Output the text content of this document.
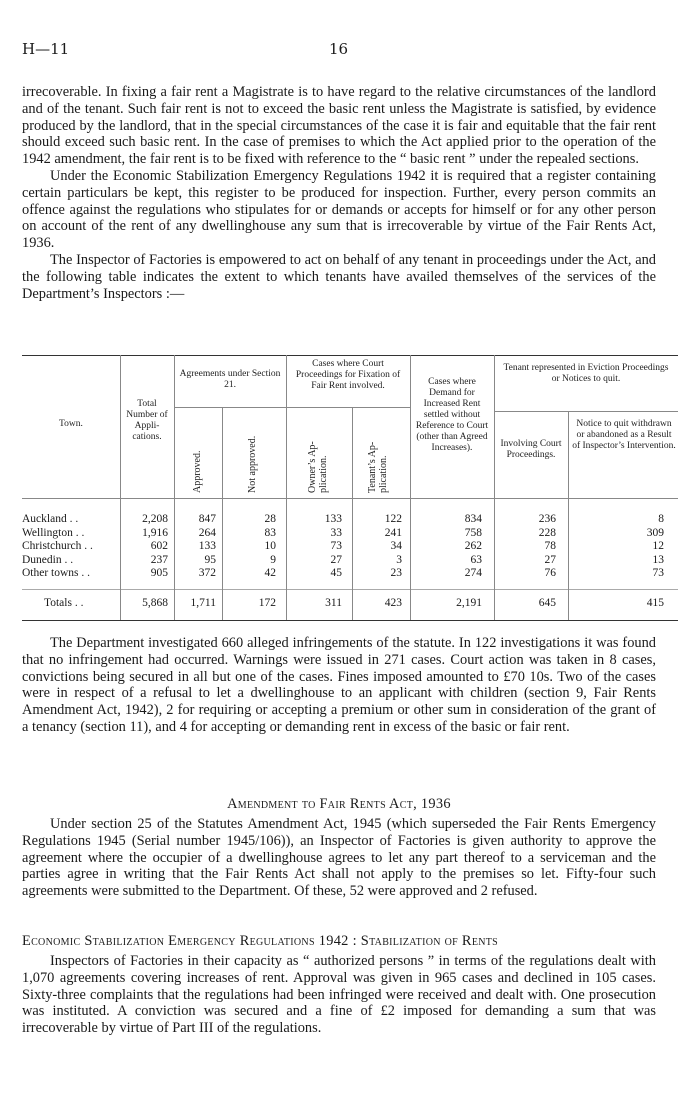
H—11	16

irrecoverable. In fixing a fair rent a Magistrate is to have regard to the relative circumstances of the landlord and of the tenant. Such fair rent is not to exceed the basic rent unless the Magistrate is satisfied, by evidence produced by the landlord, that in the special circumstances of the case it is fair and equitable that the fair rent should exceed such basic rent. In the case of premises to which the Act applied prior to the operation of the 1942 amendment, the fair rent is to be fixed with reference to the “ basic rent ” under the repealed sections.

Under the Economic Stabilization Emergency Regulations 1942 it is required that a register containing certain particulars be kept, this register to be produced for inspection. Further, every person commits an offence against the regulations who stipulates for or demands or accepts for himself or for any other person on account of the rent of any dwellinghouse any sum that is irrecoverable by virtue of the Fair Rents Act, 1936.

The Inspector of Factories is empowered to act on behalf of any tenant in proceedings under the Act, and the following table indicates the extent to which tenants have availed themselves of the services of the Department’s Inspectors :—

Town.
Total Number of Appli- cations.
Agreements under Section 21.
Approved.	Not approved.
Cases where Court Proceedings for Fixation of Fair Rent involved.
Owner’s Ap- plication.	Tenant’s Ap- plication.
Cases where Demand for Increased Rent settled without Reference to Court (other than Agreed Increases).
Tenant represented in Eviction Proceedings or Notices to quit.
Involving Court Proceedings.
Notice to quit withdrawn or abandoned as a Result of Inspector’s Intervention.
Auckland . .	2,208	847	28	133	122	834	236	8
Wellington . .	1,916	264	83	33	241	758	228	309
Christchurch . .	602	133	10	73	34	262	78	12
Dunedin . .	237	95	9	27	3	63	27	13
Other towns . .	905	372	42	45	23	274	76	73
Totals . .	5,868	1,711	172	311	423	2,191	645	415

The Department investigated 660 alleged infringements of the statute. In 122 investigations it was found that no infringement had occurred. Warnings were issued in 271 cases. Court action was taken in 8 cases, convictions being secured in all but one of the cases. Fines imposed amounted to £70 10s. Two of the cases were in respect of a refusal to let a dwellinghouse to an applicant with children (section 9, Fair Rents Amendment Act, 1942), 2 for requiring or accepting a premium or other sum in consideration of the grant of a tenancy (section 11), and 4 for accepting or demanding rent in excess of the basic or fair rent.

Amendment to Fair Rents Act, 1936

Under section 25 of the Statutes Amendment Act, 1945 (which superseded the Fair Rents Emergency Regulations 1945 (Serial number 1945/106)), an Inspector of Factories is given authority to approve the agreement where the occupier of a dwellinghouse agrees to let any part thereof to a serviceman and the parties agree in writing that the Fair Rents Act shall not apply to the premises so let. Fifty-four such agreements were submitted to the Department. Of these, 52 were approved and 2 refused.

Economic Stabilization Emergency Regulations 1942 : Stabilization of Rents

Inspectors of Factories in their capacity as “ authorized persons ” in terms of the regulations dealt with 1,070 agreements covering increases of rent. Approval was given in 965 cases and declined in 105 cases. Sixty-three complaints that the regulations had been infringed were received and dealt with. One prosecution was instituted. A conviction was secured and a fine of £2 imposed for demanding a sum that was irrecoverable by virtue of Part III of the regulations.
